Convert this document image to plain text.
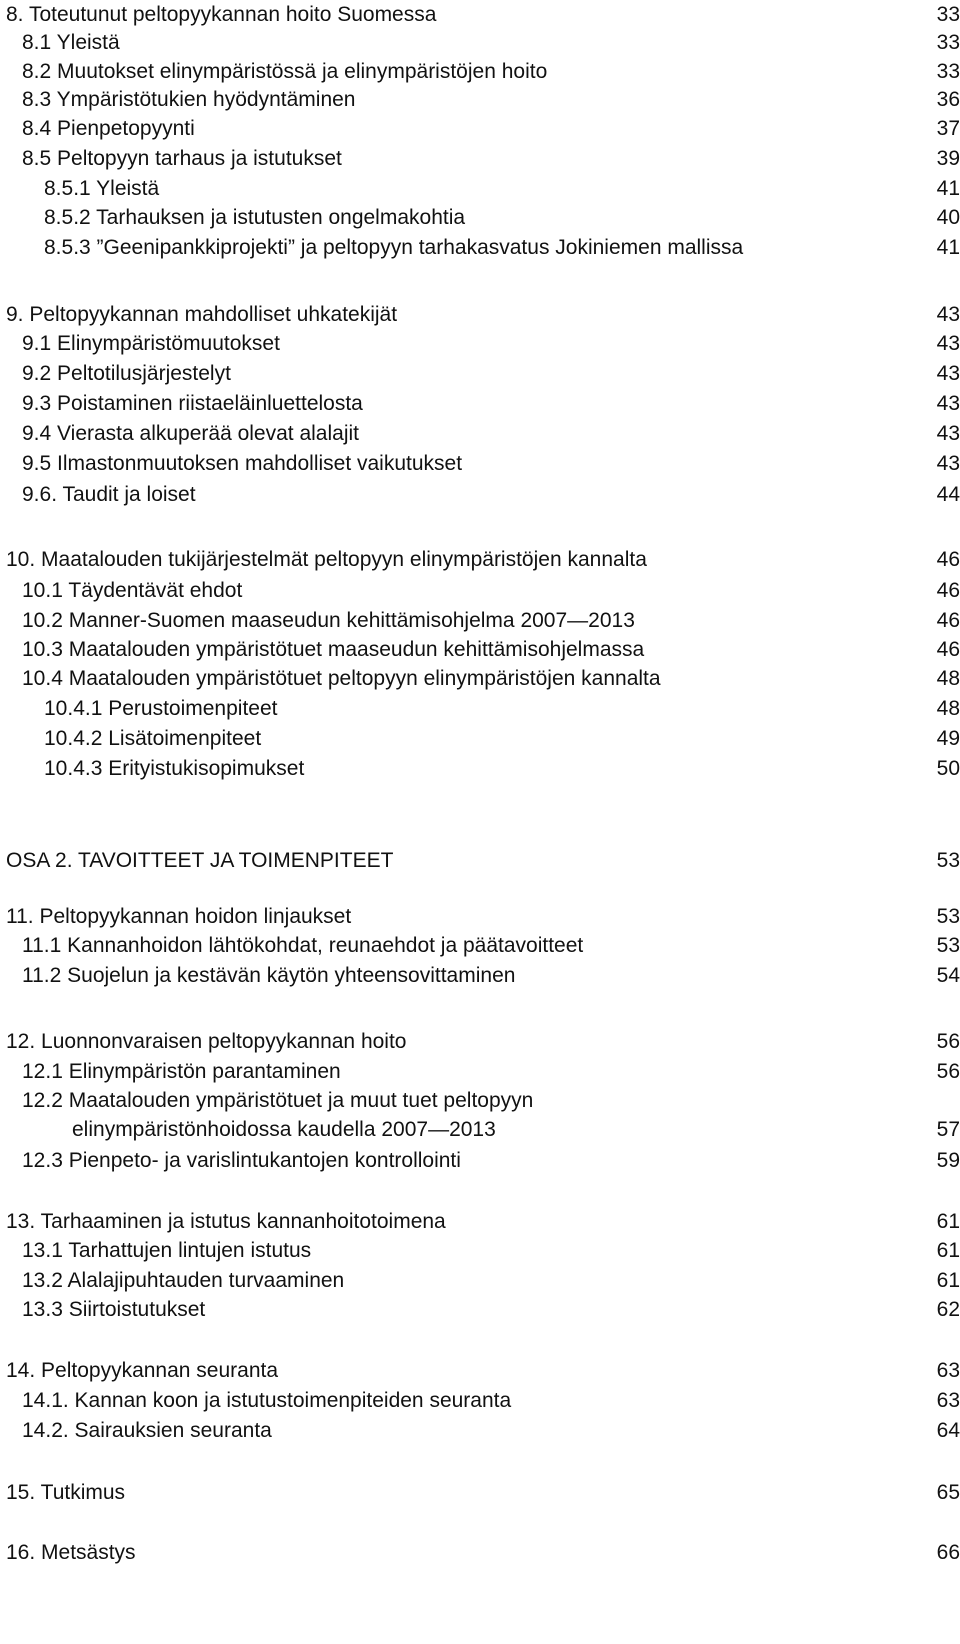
8. Toteutunut peltopyykannan hoito Suomessa	33
8.1 Yleistä	33
8.2 Muutokset elinympäristössä ja elinympäristöjen hoito	33
8.3 Ympäristötukien hyödyntäminen	36
8.4 Pienpetopyynti	37
8.5 Peltopyyn tarhaus ja istutukset	39
8.5.1 Yleistä	41
8.5.2 Tarhauksen ja istutusten ongelmakohtia	40
8.5.3 ”Geenipankkiprojekti” ja peltopyyn tarhakasvatus Jokiniemen mallissa	41
9. Peltopyykannan mahdolliset uhkatekijät	43
9.1 Elinympäristömuutokset	43
9.2 Peltotilusjärjestelyt	43
9.3 Poistaminen riistaeläinluettelosta	43
9.4 Vierasta alkuperää olevat alalajit	43
9.5 Ilmastonmuutoksen mahdolliset vaikutukset	43
9.6. Taudit ja loiset	44
10. Maatalouden tukijärjestelmät peltopyyn elinympäristöjen kannalta	46
10.1 Täydentävät ehdot	46
10.2 Manner-Suomen maaseudun kehittämisohjelma 2007—2013	46
10.3 Maatalouden ympäristötuet maaseudun kehittämisohjelmassa	46
10.4 Maatalouden ympäristötuet peltopyyn elinympäristöjen kannalta	48
10.4.1 Perustoimenpiteet	48
10.4.2 Lisätoimenpiteet	49
10.4.3 Erityistukisopimukset	50
OSA 2. TAVOITTEET JA TOIMENPITEET	53
11. Peltopyykannan hoidon linjaukset	53
11.1 Kannanhoidon lähtökohdat, reunaehdot ja päätavoitteet	53
11.2 Suojelun ja kestävän käytön yhteensovittaminen	54
12. Luonnonvaraisen peltopyykannan hoito	56
12.1 Elinympäristön parantaminen	56
12.2 Maatalouden ympäristötuet ja muut tuet peltopyyn
elinympäristönhoidossa kaudella 2007—2013	57
12.3 Pienpeto- ja varislintukantojen kontrollointi	59
13. Tarhaaminen ja istutus kannanhoitotoimena	61
13.1 Tarhattujen lintujen istutus	61
13.2 Alalajipuhtauden turvaaminen	61
13.3 Siirtoistutukset	62
14. Peltopyykannan seuranta	63
14.1. Kannan koon ja istutustoimenpiteiden seuranta	63
14.2. Sairauksien seuranta	64
15. Tutkimus	65
16. Metsästys	66
